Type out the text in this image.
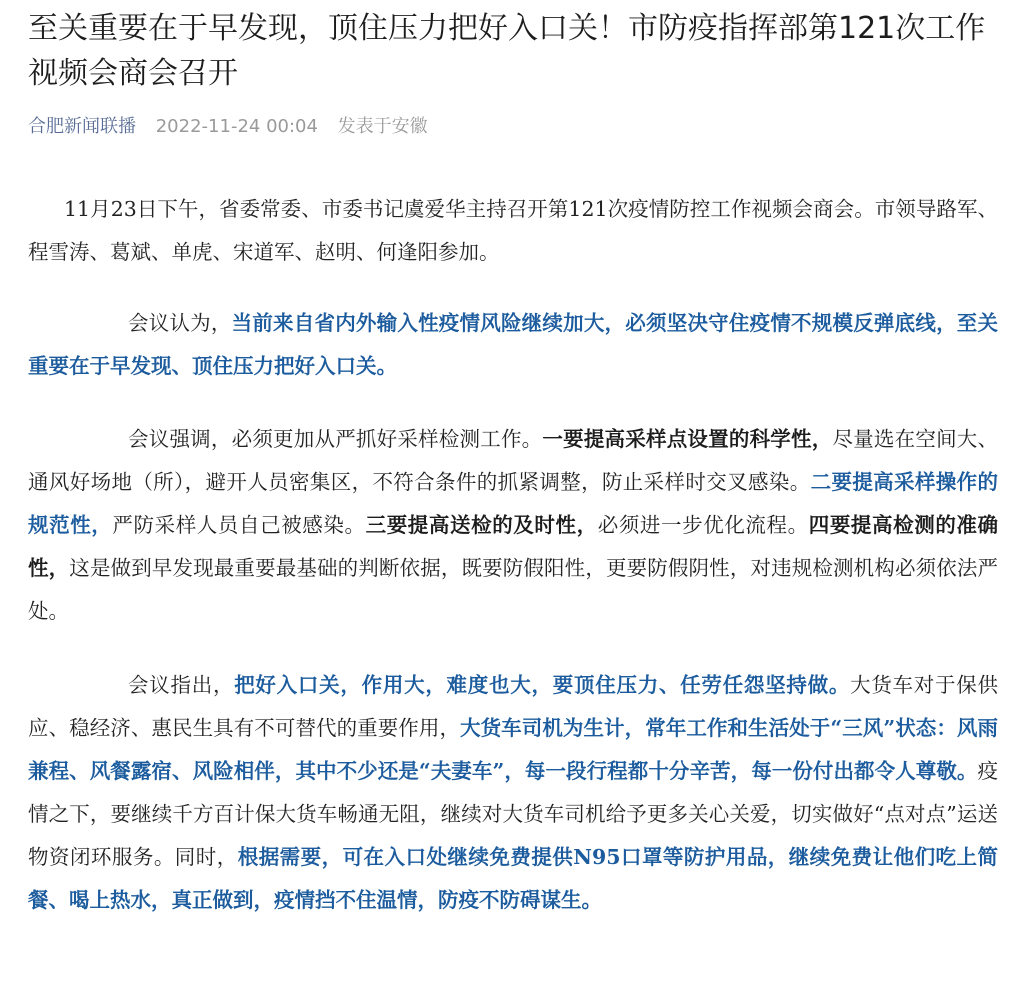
至关重要在于早发现，顶住压力把好入口关！市防疫指挥部第121次工作视频会商会召开
合肥新闻联播 2022-11-24 00:04 发表于安徽

11月23日下午，省委常委、市委书记虞爱华主持召开第121次疫情防控工作视频会商会。市领导路军、程雪涛、葛斌、单虎、宋道军、赵明、何逢阳参加。

会议认为，当前来自省内外输入性疫情风险继续加大，必须坚决守住疫情不规模反弹底线，至关重要在于早发现、顶住压力把好入口关。

会议强调，必须更加从严抓好采样检测工作。一要提高采样点设置的科学性，尽量选在空间大、通风好场地（所），避开人员密集区，不符合条件的抓紧调整，防止采样时交叉感染。二要提高采样操作的规范性，严防采样人员自己被感染。三要提高送检的及时性，必须进一步优化流程。四要提高检测的准确性，这是做到早发现最重要最基础的判断依据，既要防假阳性，更要防假阴性，对违规检测机构必须依法严处。

会议指出，把好入口关，作用大，难度也大，要顶住压力、任劳任怨坚持做。大货车对于保供应、稳经济、惠民生具有不可替代的重要作用，大货车司机为生计，常年工作和生活处于“三风”状态：风雨兼程、风餐露宿、风险相伴，其中不少还是“夫妻车”，每一段行程都十分辛苦，每一份付出都令人尊敬。疫情之下，要继续千方百计保大货车畅通无阻，继续对大货车司机给予更多关心关爱，切实做好“点对点”运送物资闭环服务。同时，根据需要，可在入口处继续免费提供N95口罩等防护用品，继续免费让他们吃上简餐、喝上热水，真正做到，疫情挡不住温情，防疫不防碍谋生。
